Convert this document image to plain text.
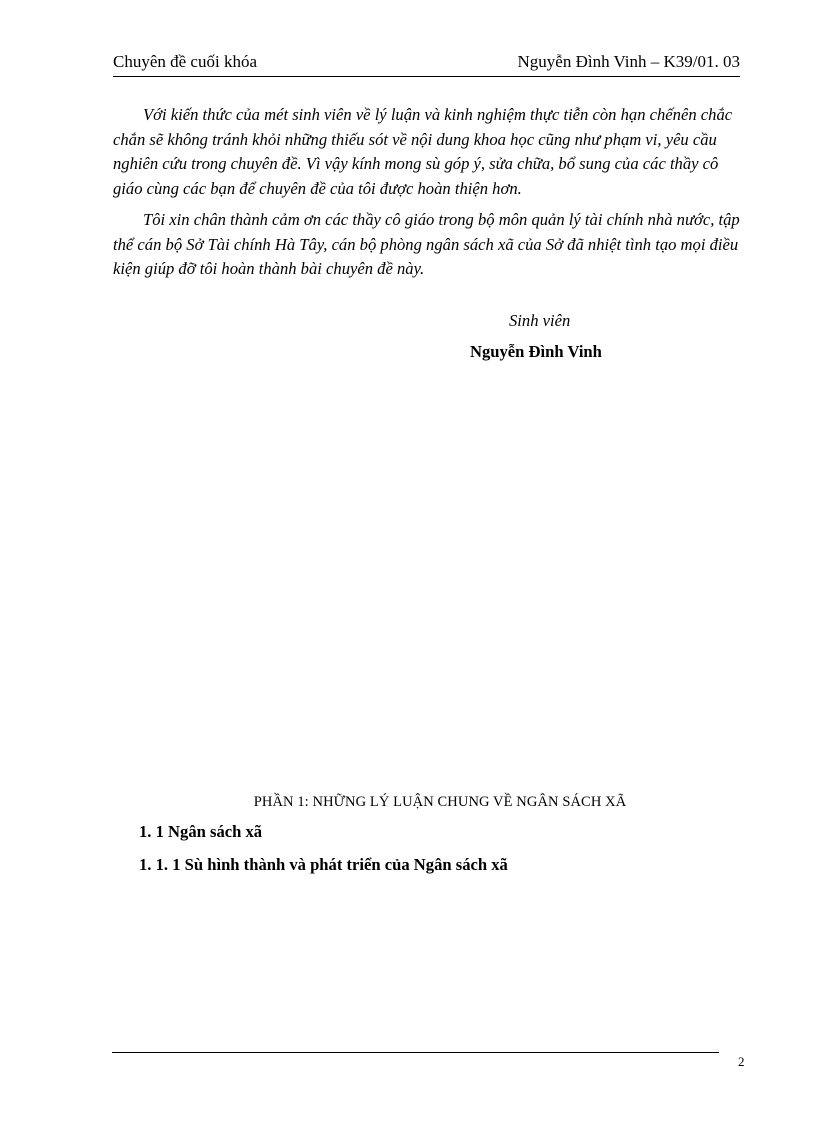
Chuyên đề cuối khóa	Nguyễn Đình Vinh – K39/01. 03

Với kiến thức của mét sinh viên về lý luận và kinh nghiệm thực tiễn còn hạn chếnên chắc chắn sẽ không tránh khỏi những thiếu sót về nội dung khoa học cũng như phạm vi, yêu cầu nghiên cứu trong chuyên đề. Vì vậy kính mong sù góp ý, sửa chữa, bổ sung của các thầy cô giáo cùng các bạn để chuyên đề của tôi được hoàn thiện hơn.

Tôi xin chân thành cảm ơn các thầy cô giáo trong bộ môn quản lý tài chính nhà nước, tập thể cán bộ Sở Tài chính Hà Tây, cán bộ phòng ngân sách xã của Sở đã nhiệt tình tạo mọi điều kiện giúp đỡ tôi hoàn thành bài chuyên đề này.

Sinh viên
Nguyễn Đình Vinh
PHẦN 1: NHỮNG LÝ LUẬN CHUNG VỀ NGÂN SÁCH XÃ
1. 1 Ngân sách xã
1. 1. 1 Sù hình thành và phát triển của Ngân sách xã
2
